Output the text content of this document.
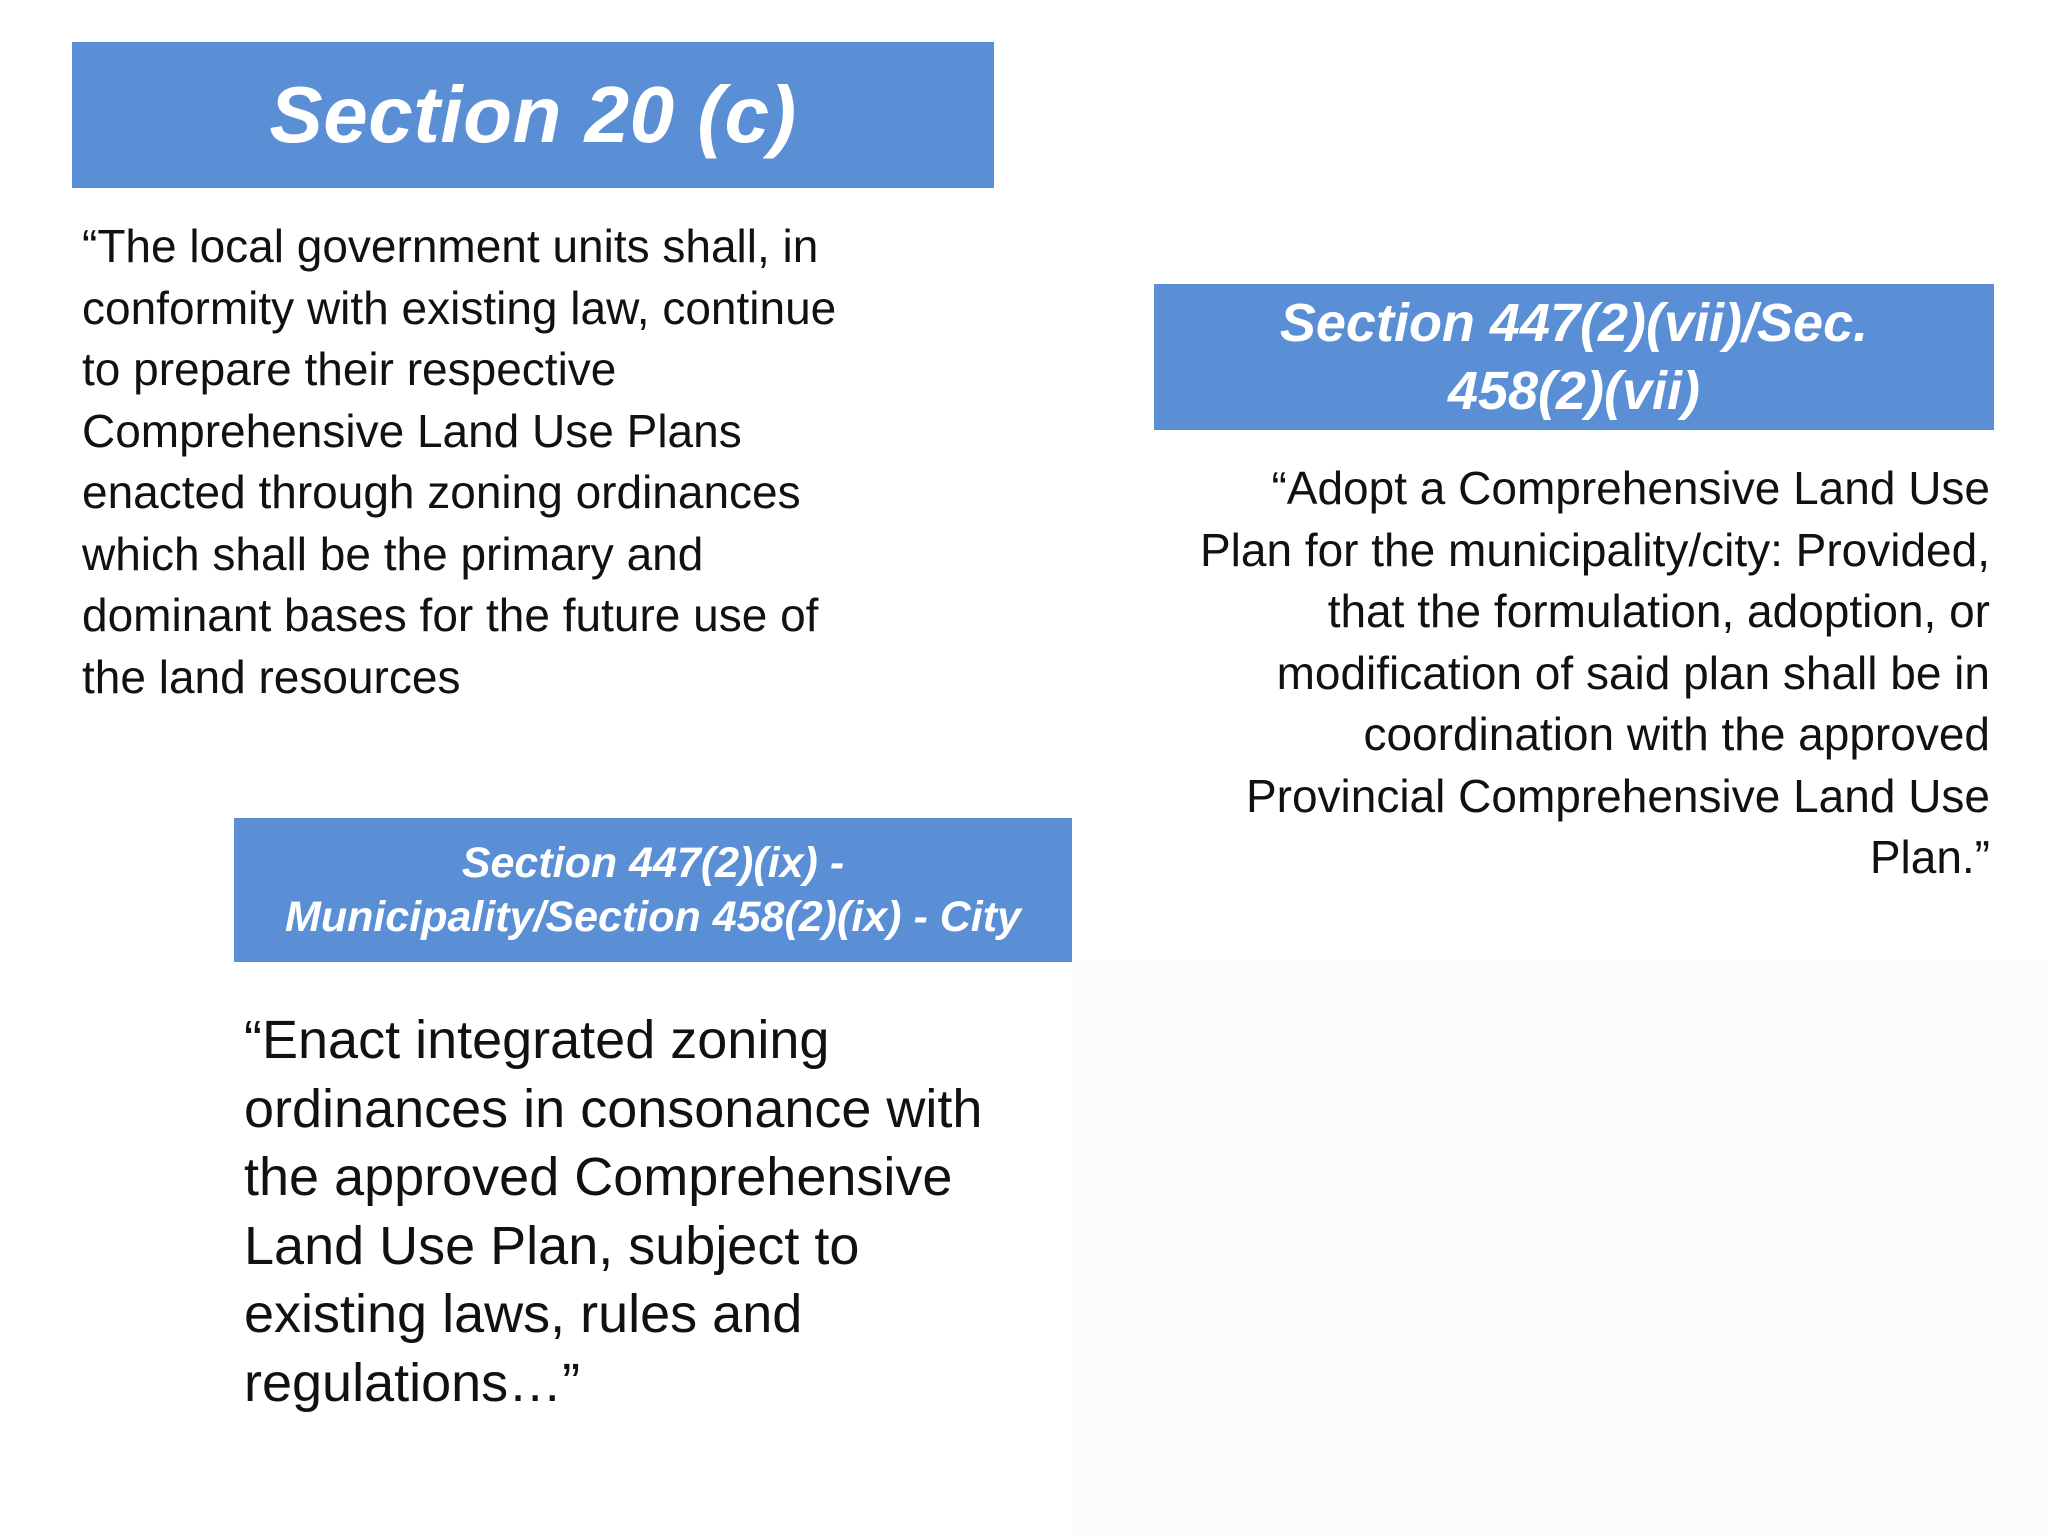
Section 20 (c)
“The local government units shall, in
conformity with existing law, continue
to prepare their respective
Comprehensive Land Use Plans
enacted through zoning ordinances
which shall be the primary and
dominant bases for the future use of
the land resources
Section 447(2)(vii)/Sec.
458(2)(vii)
“Adopt a Comprehensive Land Use
Plan for the municipality/city: Provided,
that the formulation, adoption, or
modification of said plan shall be in
coordination with the approved
Provincial Comprehensive Land Use
Plan.”
Section 447(2)(ix) -
Municipality/Section 458(2)(ix) - City
“Enact integrated zoning
ordinances in consonance with
the approved Comprehensive
Land Use Plan, subject to
existing laws, rules and
regulations…”
